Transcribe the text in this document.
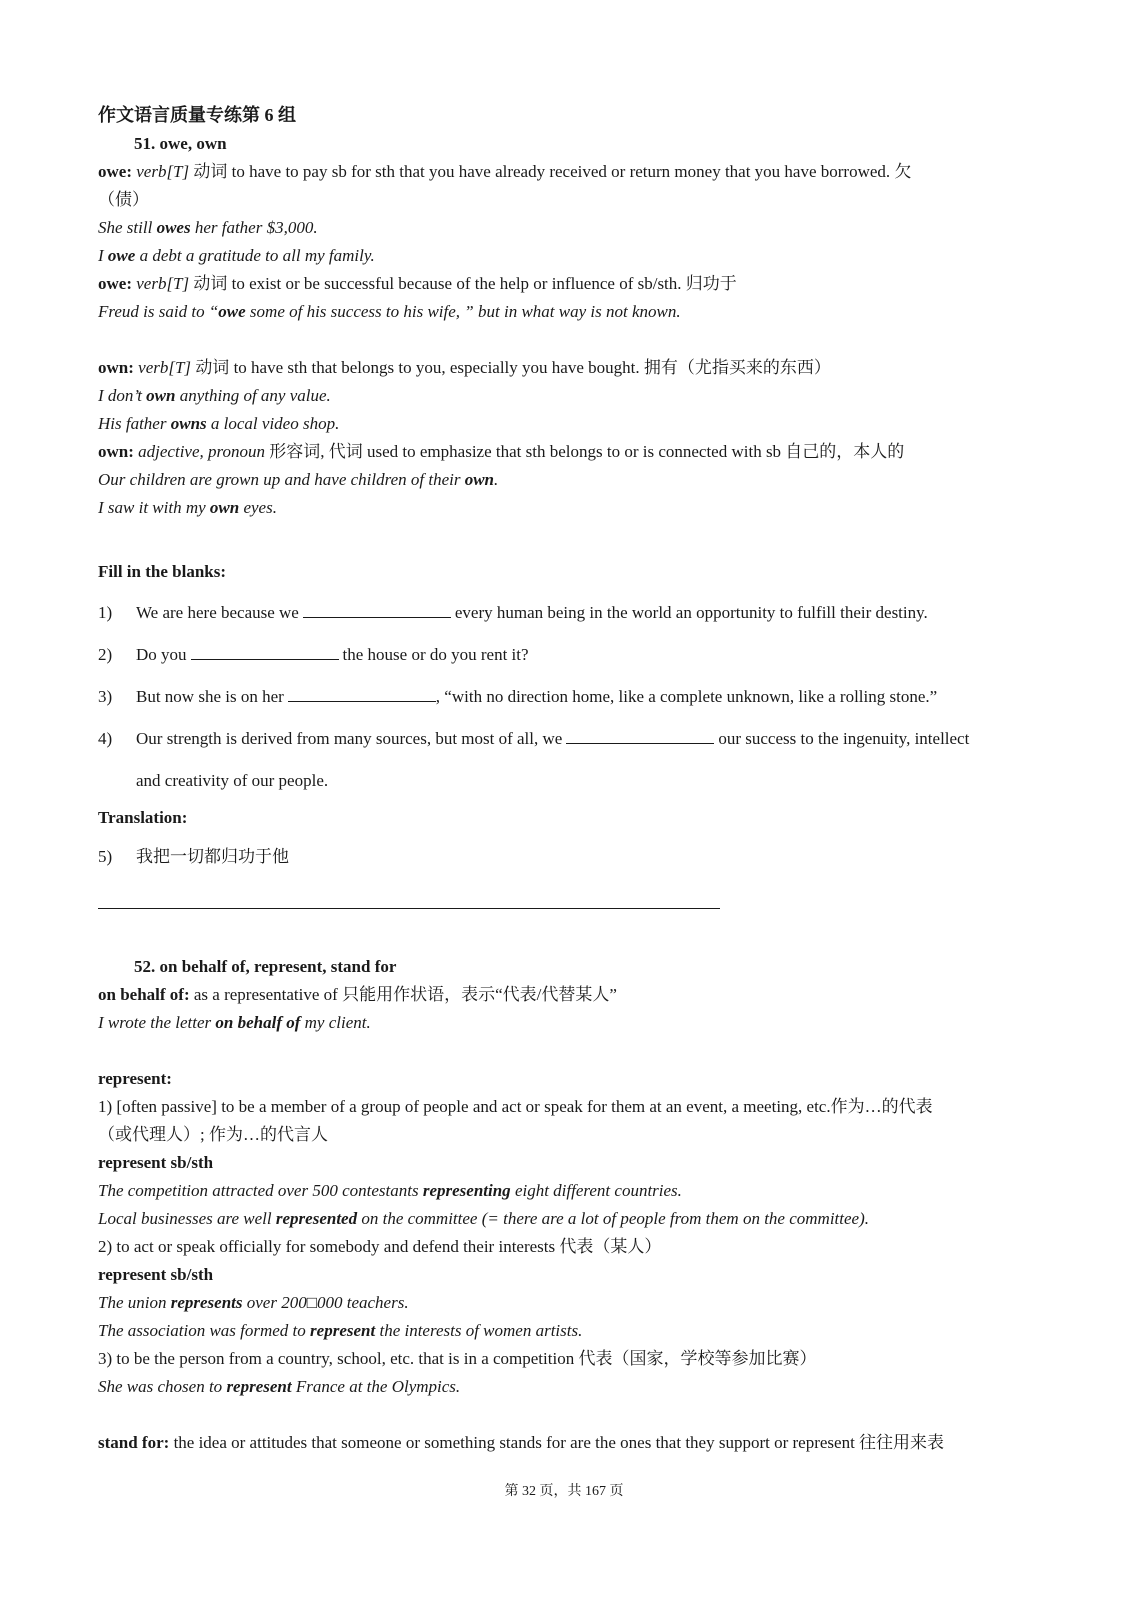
作文语言质量专练第 6 组
51. owe, own
owe: verb[T] 动词 to have to pay sb for sth that you have already received or return money that you have borrowed. 欠
（债）
She still owes her father $3,000.
I owe a debt a gratitude to all my family.
owe: verb[T] 动词 to exist or be successful because of the help or influence of sb/sth. 归功于
Freud is said to “owe some of his success to his wife, ” but in what way is not known.
own: verb[T] 动词 to have sth that belongs to you, especially you have bought. 拥有（尤指买来的东西）
I don’t own anything of any value.
His father owns a local video shop.
own: adjective, pronoun 形容词, 代词 used to emphasize that sth belongs to or is connected with sb 自己的，本人的
Our children are grown up and have children of their own.
I saw it with my own eyes.
Fill in the blanks:
1)	We are here because we	every human being in the world an opportunity to fulfill their destiny.
2)	Do you	the house or do you rent it?
3)	But now she is on her	, “with no direction home, like a complete unknown, like a rolling stone.”
4)	Our strength is derived from many sources, but most of all, we	our success to the ingenuity, intellect
and creativity of our people.
Translation:
5)	我把一切都归功于他
52. on behalf of, represent, stand for
on behalf of: as a representative of 只能用作状语，表示“代表/代替某人”
I wrote the letter on behalf of my client.
represent:
1) [often passive] to be a member of a group of people and act or speak for them at an event, a meeting, etc.作为…的代表
（或代理人）; 作为…的代言人
represent sb/sth
The competition attracted over 500 contestants representing eight different countries.
Local businesses are well represented on the committee (= there are a lot of people from them on the committee).
2) to act or speak officially for somebody and defend their interests 代表（某人）
represent sb/sth
The union represents over 200□000 teachers.
The association was formed to represent the interests of women artists.
3) to be the person from a country, school, etc. that is in a competition 代表（国家，学校等参加比赛）
She was chosen to represent France at the Olympics.
stand for: the idea or attitudes that someone or something stands for are the ones that they support or represent 往往用来表
第 32 页，共 167 页
